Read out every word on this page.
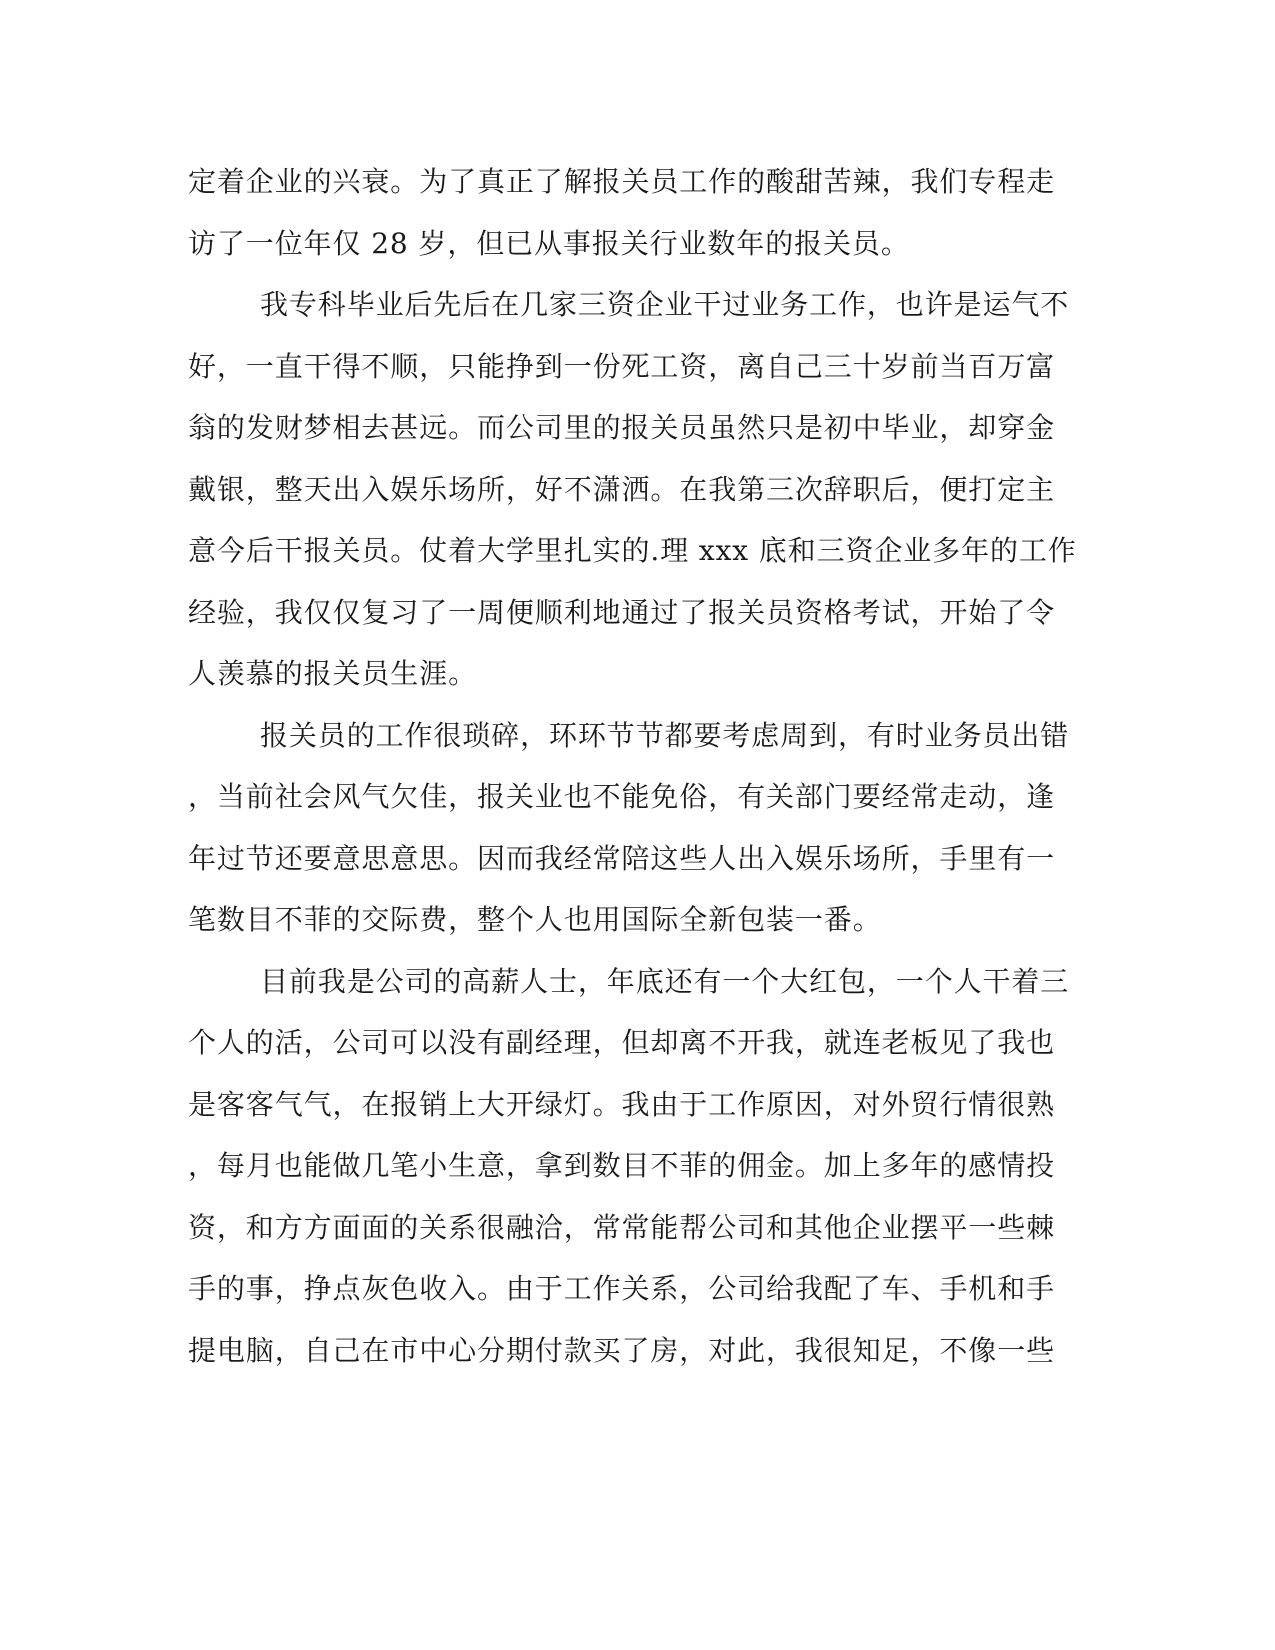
定着企业的兴衰。为了真正了解报关员工作的酸甜苦辣，我们专程走
访了一位年仅 28 岁，但已从事报关行业数年的报关员。
我专科毕业后先后在几家三资企业干过业务工作，也许是运气不
好，一直干得不顺，只能挣到一份死工资，离自己三十岁前当百万富
翁的发财梦相去甚远。而公司里的报关员虽然只是初中毕业，却穿金
戴银，整天出入娱乐场所，好不潇洒。在我第三次辞职后，便打定主
意今后干报关员。仗着大学里扎实的.理 xxx 底和三资企业多年的工作
经验，我仅仅复习了一周便顺利地通过了报关员资格考试，开始了令
人羡慕的报关员生涯。
报关员的工作很琐碎，环环节节都要考虑周到，有时业务员出错
，当前社会风气欠佳，报关业也不能免俗，有关部门要经常走动，逢
年过节还要意思意思。因而我经常陪这些人出入娱乐场所，手里有一
笔数目不菲的交际费，整个人也用国际全新包装一番。
目前我是公司的高薪人士，年底还有一个大红包，一个人干着三
个人的活，公司可以没有副经理，但却离不开我，就连老板见了我也
是客客气气，在报销上大开绿灯。我由于工作原因，对外贸行情很熟
，每月也能做几笔小生意，拿到数目不菲的佣金。加上多年的感情投
资，和方方面面的关系很融洽，常常能帮公司和其他企业摆平一些棘
手的事，挣点灰色收入。由于工作关系，公司给我配了车、手机和手
提电脑，自己在市中心分期付款买了房，对此，我很知足，不像一些
